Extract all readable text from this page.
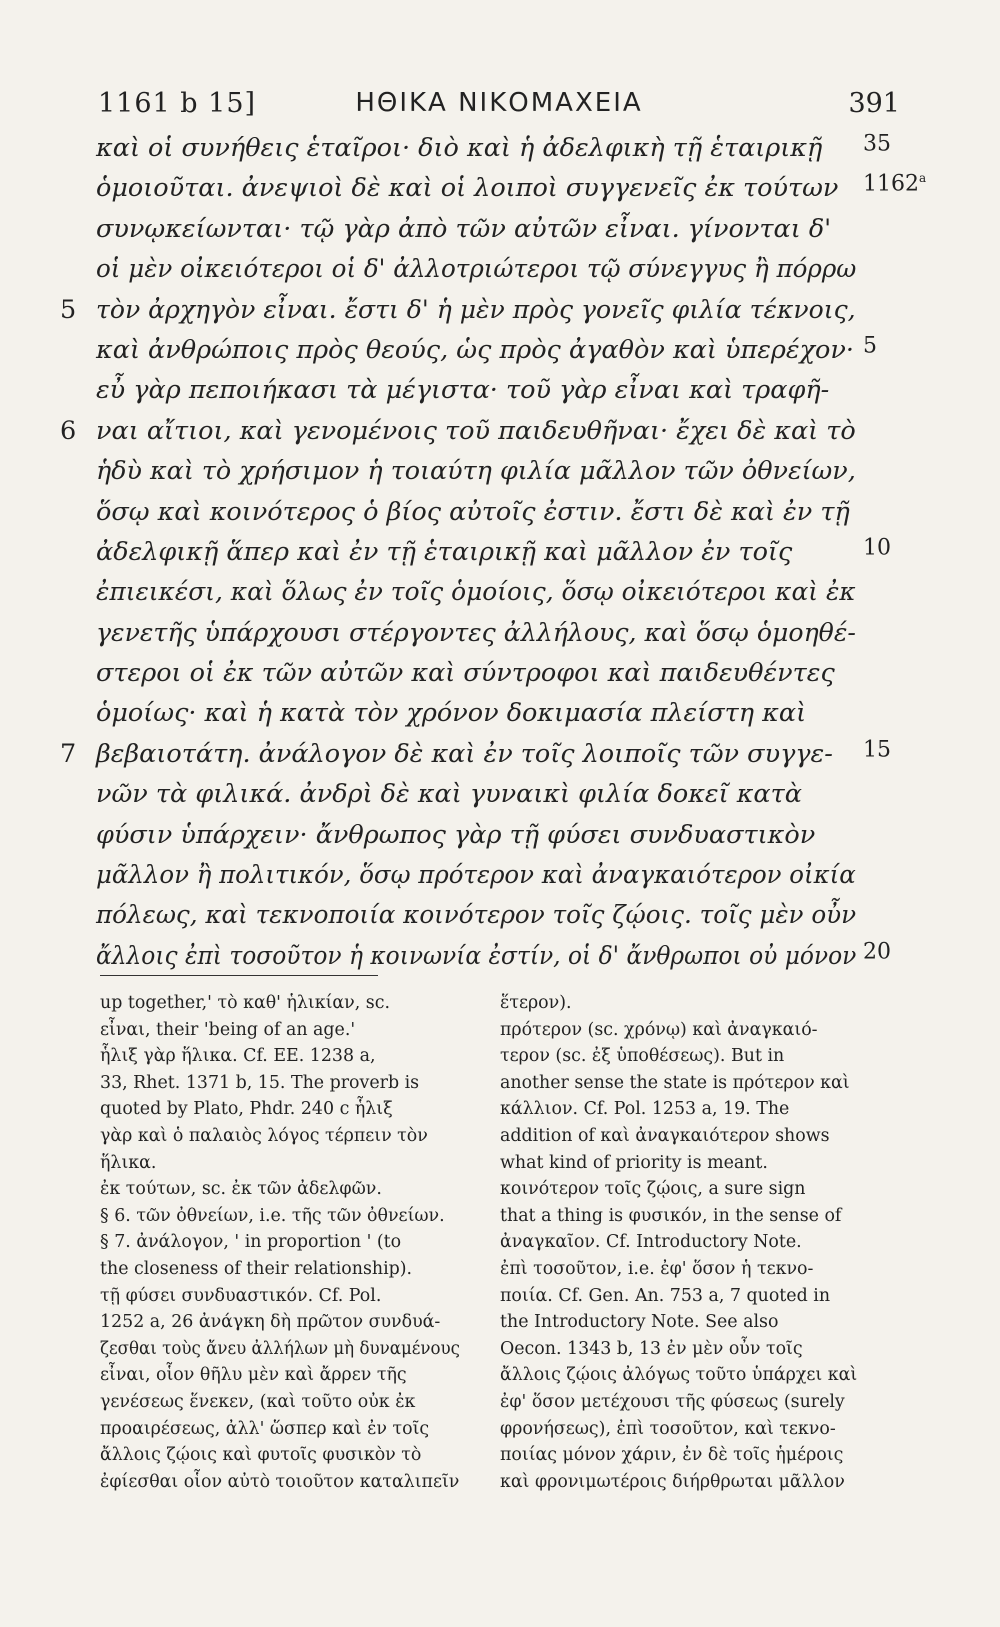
1161 b 15]	ΗΘΙΚΑ ΝΙΚΟΜΑΧΕΙΑ	391
καὶ οἱ συνήθεις ἑταῖροι· διὸ καὶ ἡ ἀδελφικὴ τῇ ἑταιρικῇ 35
ὁμοιοῦται. ἀνεψιοὶ δὲ καὶ οἱ λοιποὶ συγγενεῖς ἐκ τούτων 1162$^a$
συνῳκείωνται· τῷ γὰρ ἀπὸ τῶν αὐτῶν εἶναι. γίνονται δ'
οἱ μὲν οἰκειότεροι οἱ δ' ἀλλοτριώτεροι τῷ σύνεγγυς ἢ πόρρω
5 τὸν ἀρχηγὸν εἶναι. ἔστι δ' ἡ μὲν πρὸς γονεῖς φιλία τέκνοις,
καὶ ἀνθρώποις πρὸς θεούς, ὡς πρὸς ἀγαθὸν καὶ ὑπερέχον· 5
εὖ γὰρ πεποιήκασι τὰ μέγιστα· τοῦ γὰρ εἶναι καὶ τραφῆ-
6 ναι αἴτιοι, καὶ γενομένοις τοῦ παιδευθῆναι· ἔχει δὲ καὶ τὸ
ἡδὺ καὶ τὸ χρήσιμον ἡ τοιαύτη φιλία μᾶλλον τῶν ὀθνείων,
ὅσῳ καὶ κοινότερος ὁ βίος αὐτοῖς ἐστιν. ἔστι δὲ καὶ ἐν τῇ
ἀδελφικῇ ἅπερ καὶ ἐν τῇ ἑταιρικῇ καὶ μᾶλλον ἐν τοῖς	10
ἐπιεικέσι, καὶ ὅλως ἐν τοῖς ὁμοίοις, ὅσῳ οἰκειότεροι καὶ ἐκ
γενετῆς ὑπάρχουσι στέργοντες ἀλλήλους, καὶ ὅσῳ ὁμοηθέ-
στεροι οἱ ἐκ τῶν αὐτῶν καὶ σύντροφοι καὶ παιδευθέντες
ὁμοίως· καὶ ἡ κατὰ τὸν χρόνον δοκιμασία πλείστη καὶ
7 βεβαιοτάτη. ἀνάλογον δὲ καὶ ἐν τοῖς λοιποῖς τῶν συγγε- 15
νῶν τὰ φιλικά. ἀνδρὶ δὲ καὶ γυναικὶ φιλία δοκεῖ κατὰ
φύσιν ὑπάρχειν· ἄνθρωπος γὰρ τῇ φύσει συνδυαστικὸν
μᾶλλον ἢ πολιτικόν, ὅσῳ πρότερον καὶ ἀναγκαιότερον οἰκία
πόλεως, καὶ τεκνοποιία κοινότερον τοῖς ζῴοις. τοῖς μὲν οὖν
ἄλλοις ἐπὶ τοσοῦτον ἡ κοινωνία ἐστίν, οἱ δ' ἄνθρωποι οὐ μόνον 20
up together,' τὸ καθ' ἡλικίαν, sc.
εἶναι, their 'being of an age.'
ἧλιξ γὰρ ἥλικα. Cf. EE. 1238 a,
33, Rhet. 1371 b, 15. The proverb is
quoted by Plato, Phdr. 240 c ἧλιξ
γὰρ καὶ ὁ παλαιὸς λόγος τέρπειν τὸν
ἥλικα.
ἐκ τούτων, sc. ἐκ τῶν ἀδελφῶν.
§ 6. τῶν ὀθνείων, i.e. τῆς τῶν ὀθνείων.
§ 7. ἀνάλογον, ' in proportion ' (to
the closeness of their relationship).
τῇ φύσει συνδυαστικόν. Cf. Pol.
1252 a, 26 ἀνάγκη δὴ πρῶτον συνδυά-
ζεσθαι τοὺς ἄνευ ἀλλήλων μὴ δυναμένους
εἶναι, οἷον θῆλυ μὲν καὶ ἄρρεν τῆς
γενέσεως ἕνεκεν, (καὶ τοῦτο οὐκ ἐκ
προαιρέσεως, ἀλλ' ὥσπερ καὶ ἐν τοῖς
ἄλλοις ζῴοις καὶ φυτοῖς φυσικὸν τὸ
ἐφίεσθαι οἷον αὐτὸ τοιοῦτον καταλιπεῖν
ἕτερον).
πρότερον (sc. χρόνῳ) καὶ ἀναγκαιό-
τερον (sc. ἐξ ὑποθέσεως). But in
another sense the state is πρότερον καὶ
κάλλιον. Cf. Pol. 1253 a, 19. The
addition of καὶ ἀναγκαιότερον shows
what kind of priority is meant.
κοινότερον τοῖς ζῴοις, a sure sign
that a thing is φυσικόν, in the sense of
ἀναγκαῖον. Cf. Introductory Note.
ἐπὶ τοσοῦτον, i.e. ἐφ' ὅσον ἡ τεκνο-
ποιία. Cf. Gen. An. 753 a, 7 quoted in
the Introductory Note. See also
Oecon. 1343 b, 13 ἐν μὲν οὖν τοῖς
ἄλλοις ζῴοις ἀλόγως τοῦτο ὑπάρχει καὶ
ἐφ' ὅσον μετέχουσι τῆς φύσεως (surely
φρονήσεως), ἐπὶ τοσοῦτον, καὶ τεκνο-
ποιίας μόνον χάριν, ἐν δὲ τοῖς ἡμέροις
καὶ φρονιμωτέροις διήρθρωται μᾶλλον
